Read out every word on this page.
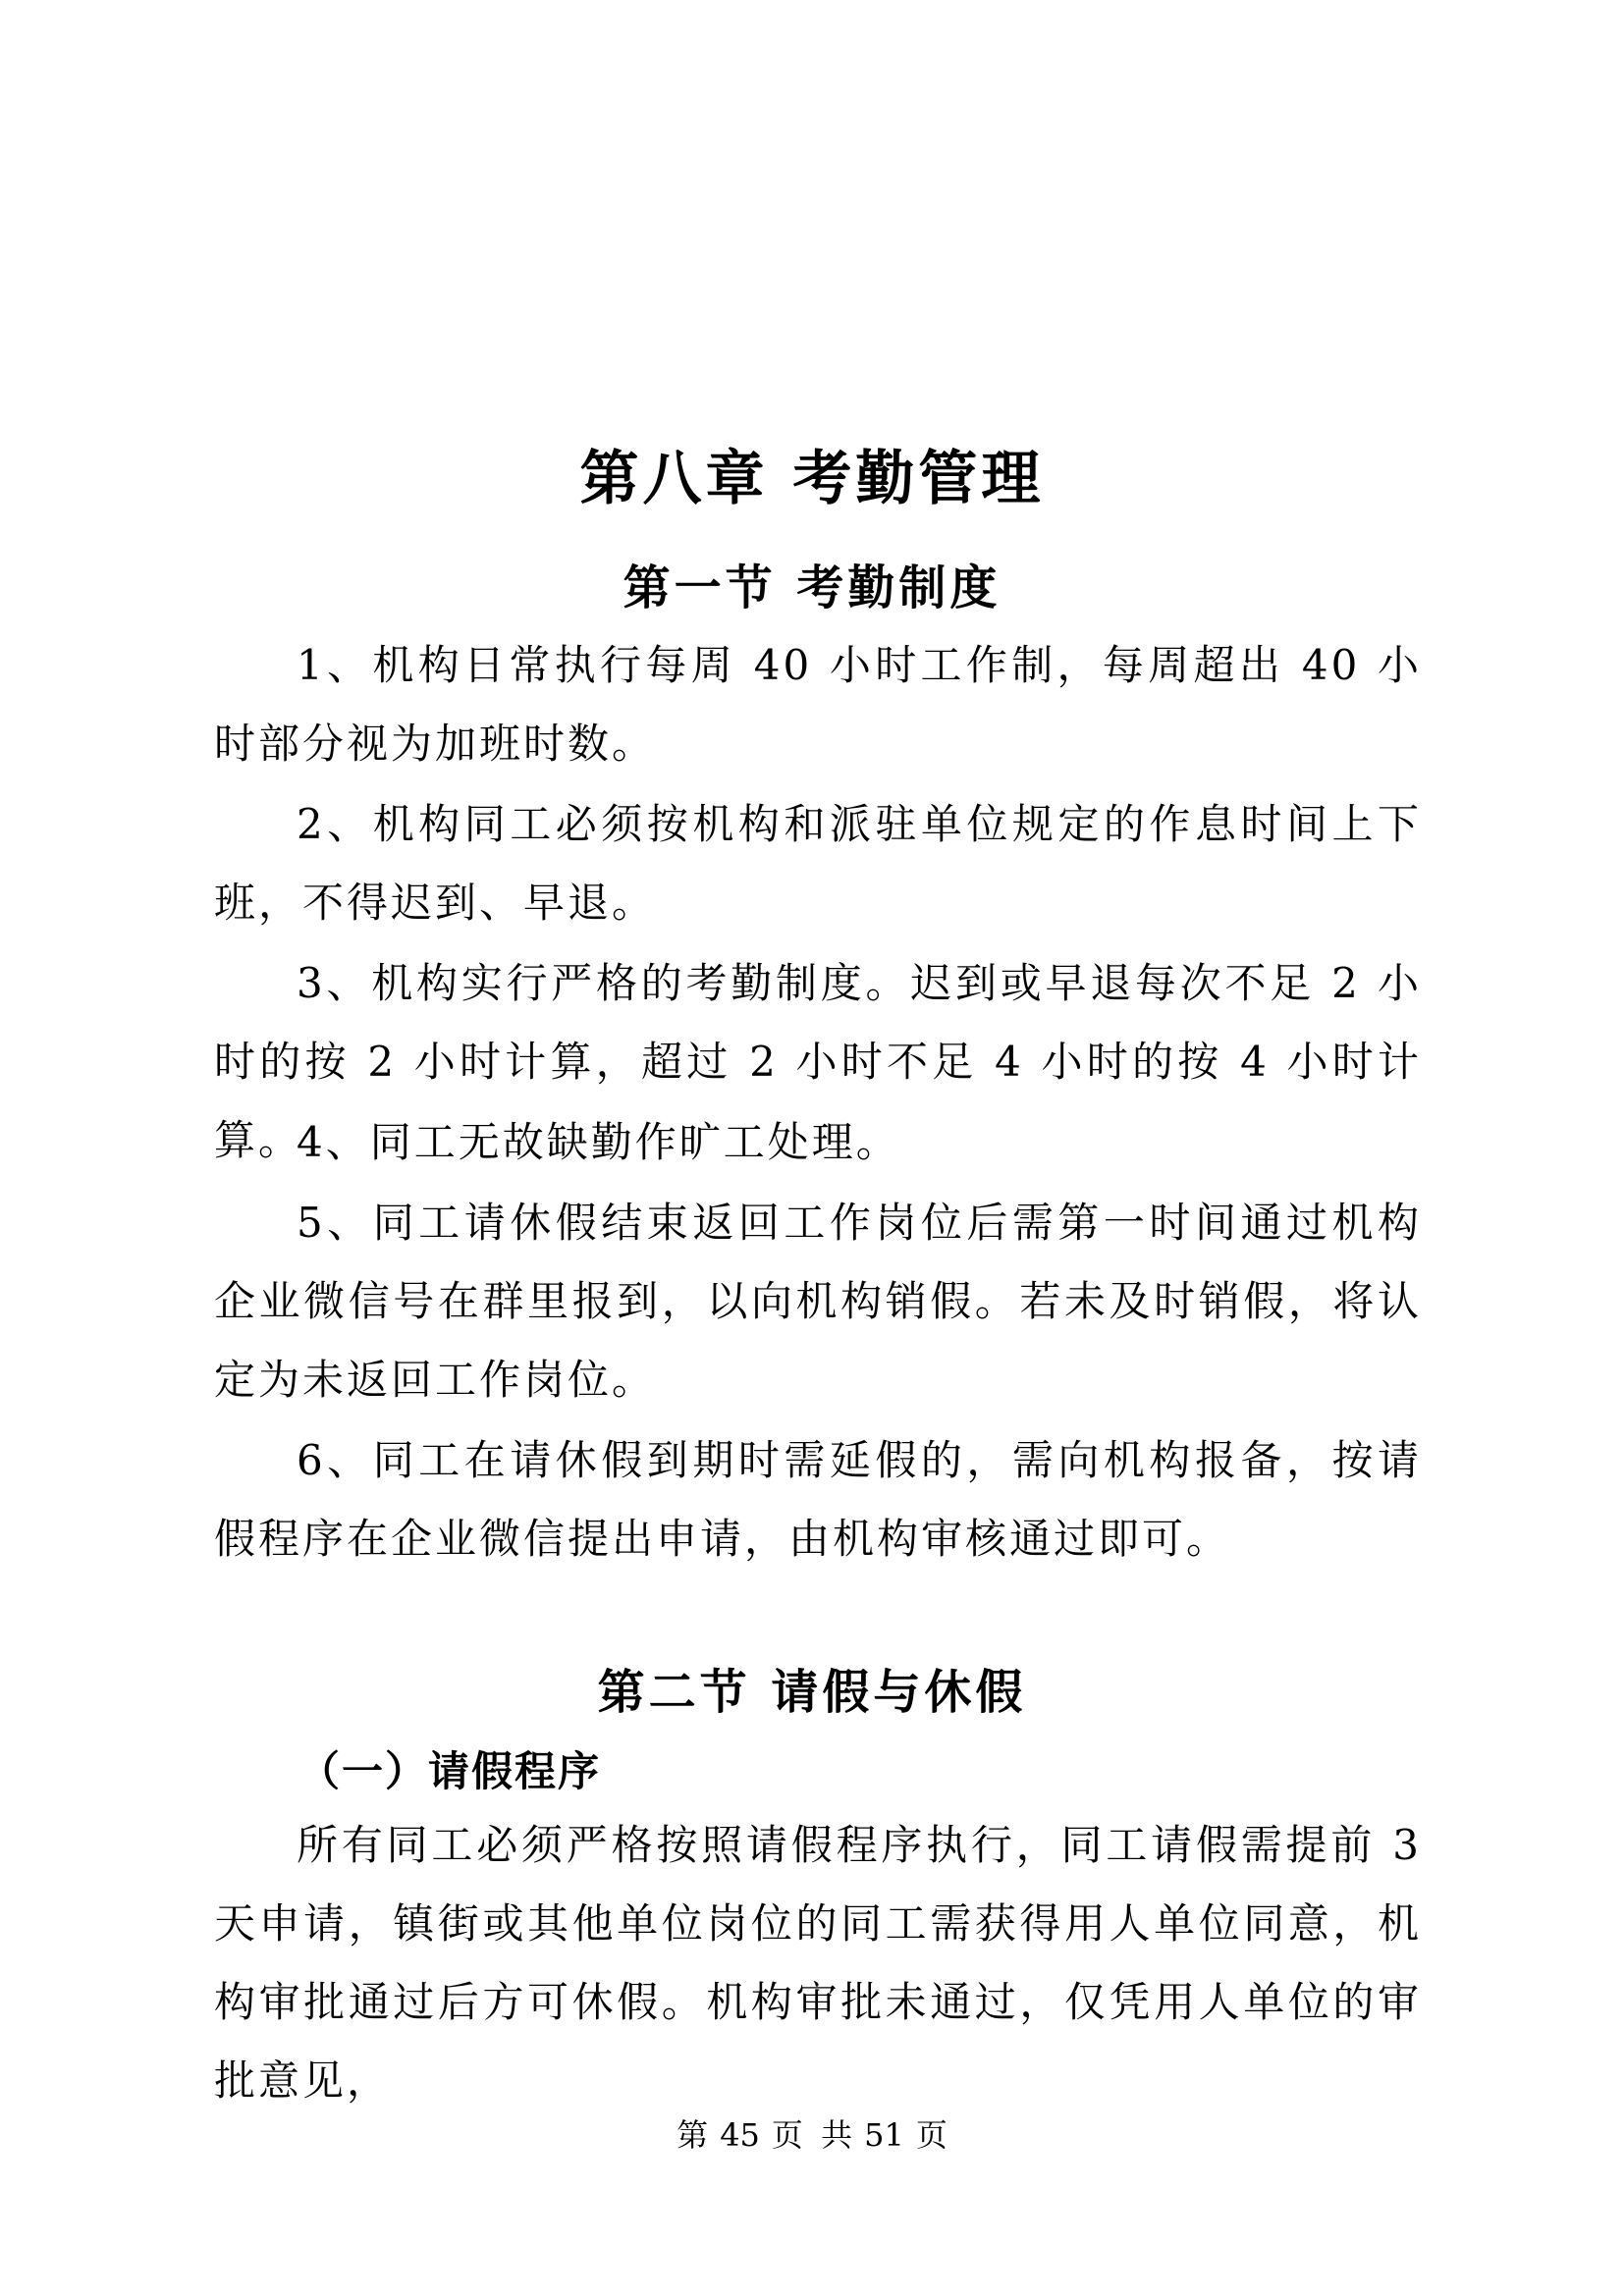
第八章 考勤管理
第一节 考勤制度

1、机构日常执行每周 40 小时工作制，每周超出 40 小时部分视为加班时数。

2、机构同工必须按机构和派驻单位规定的作息时间上下班，不得迟到、早退。

3、机构实行严格的考勤制度。迟到或早退每次不足 2 小时的按 2 小时计算，超过 2 小时不足 4 小时的按 4 小时计算。

4、同工无故缺勤作旷工处理。

5、同工请休假结束返回工作岗位后需第一时间通过机构企业微信号在群里报到，以向机构销假。若未及时销假，将认定为未返回工作岗位。

6、同工在请休假到期时需延假的，需向机构报备，按请假程序在企业微信提出申请，由机构审核通过即可。

第二节 请假与休假
（一）请假程序

所有同工必须严格按照请假程序执行，同工请假需提前 3 天申请，镇街或其他单位岗位的同工需获得用人单位同意，机构审批通过后方可休假。机构审批未通过，仅凭用人单位的审批意见，

第 45 页 共 51 页
